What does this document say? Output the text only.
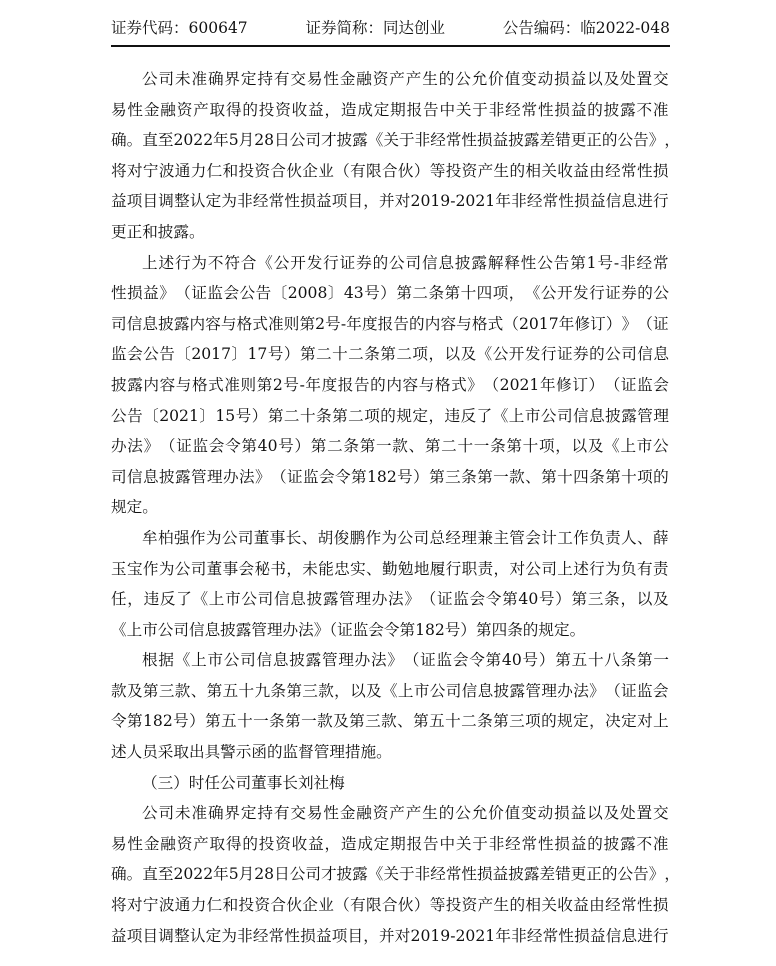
证券代码：600647	证券简称：同达创业	公告编码：临2022-048
公 司 未 准 确 界 定 持 有 交 易 性 金 融 资 产 产 生 的 公 允 价 值 变 动 损 益 以 及 处 置 交
易 性 金 融 资 产 取 得 的 投 资 收 益 ， 造 成 定 期 报 告 中 关 于 非 经 常 性 损 益 的 披 露 不 准
确 。 直 至 2022 年 5 月 28 日 公 司 才 披 露 《 关 于 非 经 常 性 损 益 披 露 差 错 更 正 的 公 告 》 ，
将 对 宁 波 通 力 仁 和 投 资 合 伙 企 业 （ 有 限 合 伙 ） 等 投 资 产 生 的 相 关 收 益 由 经 常 性 损
益 项 目 调 整 认 定 为 非 经 常 性 损 益 项 目 ， 并 对 2019-2021 年 非 经 常 性 损 益 信 息 进 行
更正和披露。
上 述 行 为 不 符 合 《 公 开 发 行 证 券 的 公 司 信 息 披 露 解 释 性 公 告 第 1 号 - 非 经 常
性 损 益 》 （ 证 监 会 公 告 〔 2008 〕 43 号 ） 第 二 条 第 十 四 项 ， 《 公 开 发 行 证 券 的 公
司 信 息 披 露 内 容 与 格 式 准 则 第 2 号 - 年 度 报 告 的 内 容 与 格 式 （ 2017 年 修 订 ） 》 （ 证
监 会 公 告 〔 2017 〕 17 号 ） 第 二 十 二 条 第 二 项 ， 以 及 《 公 开 发 行 证 券 的 公 司 信 息
披 露 内 容 与 格 式 准 则 第 2 号 - 年 度 报 告 的 内 容 与 格 式 》 （ 2021 年 修 订 ） （ 证 监 会
公 告 〔 2021 〕 15 号 ） 第 二 十 条 第 二 项 的 规 定 ， 违 反 了 《 上 市 公 司 信 息 披 露 管 理
办 法 》 （ 证 监 会 令 第 40 号 ） 第 二 条 第 一 款 、 第 二 十 一 条 第 十 项 ， 以 及 《 上 市 公
司 信 息 披 露 管 理 办 法 》 （ 证 监 会 令 第 182 号 ） 第 三 条 第 一 款 、 第 十 四 条 第 十 项 的
规定。
牟 柏 强 作 为 公 司 董 事 长 、 胡 俊 鹏 作 为 公 司 总 经 理 兼 主 管 会 计 工 作 负 责 人 、 薛
玉 宝 作 为 公 司 董 事 会 秘 书 ， 未 能 忠 实 、 勤 勉 地 履 行 职 责 ， 对 公 司 上 述 行 为 负 有 责
任 ， 违 反 了 《 上 市 公 司 信 息 披 露 管 理 办 法 》 （ 证 监 会 令 第 40 号 ） 第 三 条 ， 以 及
《上市公司信息披露管理办法》（证监会令第182号）第四条的规定。
根 据 《 上 市 公 司 信 息 披 露 管 理 办 法 》 （ 证 监 会 令 第 40 号 ） 第 五 十 八 条 第 一
款 及 第 三 款 、 第 五 十 九 条 第 三 款 ， 以 及 《 上 市 公 司 信 息 披 露 管 理 办 法 》 （ 证 监 会
令 第 182 号 ） 第 五 十 一 条 第 一 款 及 第 三 款 、 第 五 十 二 条 第 三 项 的 规 定 ， 决 定 对 上
述人员采取出具警示函的监督管理措施。
（三）时任公司董事长刘社梅
公 司 未 准 确 界 定 持 有 交 易 性 金 融 资 产 产 生 的 公 允 价 值 变 动 损 益 以 及 处 置 交
易 性 金 融 资 产 取 得 的 投 资 收 益 ， 造 成 定 期 报 告 中 关 于 非 经 常 性 损 益 的 披 露 不 准
确 。 直 至 2022 年 5 月 28 日 公 司 才 披 露 《 关 于 非 经 常 性 损 益 披 露 差 错 更 正 的 公 告 》 ，
将 对 宁 波 通 力 仁 和 投 资 合 伙 企 业 （ 有 限 合 伙 ） 等 投 资 产 生 的 相 关 收 益 由 经 常 性 损
益 项 目 调 整 认 定 为 非 经 常 性 损 益 项 目 ， 并 对 2019-2021 年 非 经 常 性 损 益 信 息 进 行
